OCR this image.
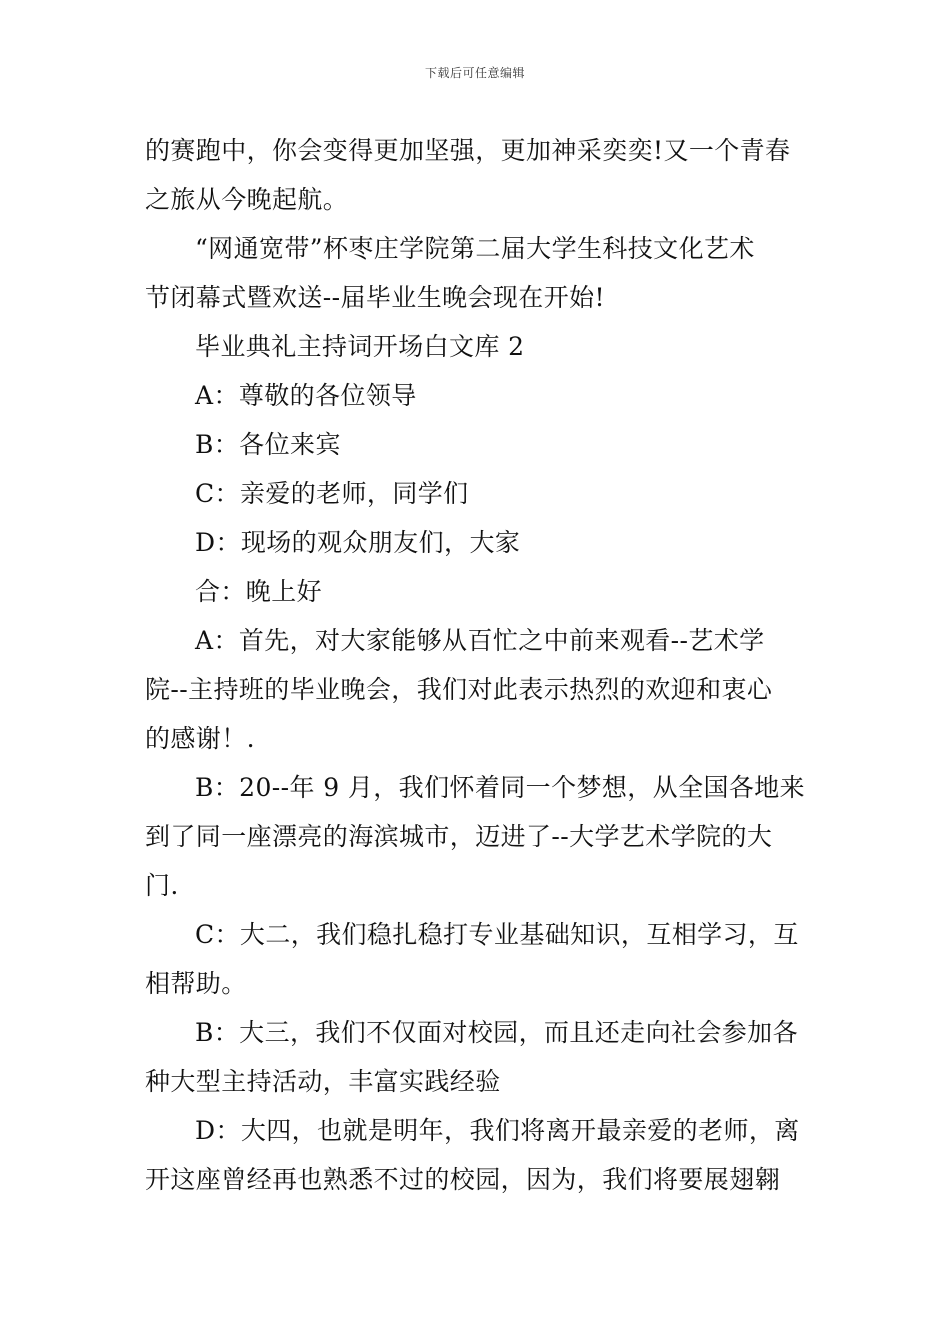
下载后可任意编辑
的赛跑中，你会变得更加坚强，更加神采奕奕!又一个青春
之旅从今晚起航。
“网通宽带”杯枣庄学院第二届大学生科技文化艺术
节闭幕式暨欢送--届毕业生晚会现在开始!
毕业典礼主持词开场白文库 2
A：尊敬的各位领导
B：各位来宾
C：亲爱的老师，同学们
D：现场的观众朋友们，大家
合：晚上好
A：首先，对大家能够从百忙之中前来观看--艺术学
院--主持班的毕业晚会，我们对此表示热烈的欢迎和衷心
的感谢！.
B：20--年 9 月，我们怀着同一个梦想，从全国各地来
到了同一座漂亮的海滨城市，迈进了--大学艺术学院的大
门.
C：大二，我们稳扎稳打专业基础知识，互相学习，互
相帮助。
B：大三，我们不仅面对校园，而且还走向社会参加各
种大型主持活动，丰富实践经验
D：大四，也就是明年，我们将离开最亲爱的老师，离
开这座曾经再也熟悉不过的校园，因为，我们将要展翅翱
